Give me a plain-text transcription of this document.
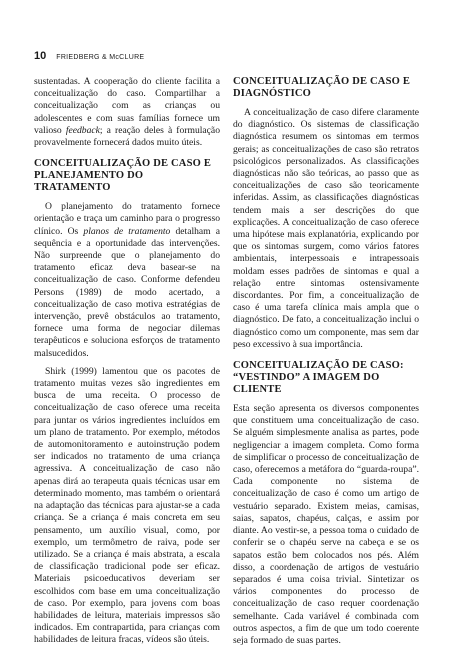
10 FRIEDBERG & McCLURE

sustentadas. A cooperação do cliente facilita a conceitualização do caso. Compartilhar a conceitualização com as crianças ou adolescentes e com suas famílias fornece um valioso feedback; a reação deles à formulação provavelmente fornecerá dados muito úteis.

CONCEITUALIZAÇÃO DE CASO E PLANEJAMENTO DO TRATAMENTO

O planejamento do tratamento fornece orientação e traça um caminho para o progresso clínico. Os planos de tratamento detalham a sequência e a oportunidade das intervenções. Não surpreende que o planejamento do tratamento eficaz deva basear-se na conceitualização de caso. Conforme defendeu Persons (1989) de modo acertado, a conceitualização de caso motiva estratégias de intervenção, prevê obstáculos ao tratamento, fornece uma forma de negociar dilemas terapêuticos e soluciona esforços de tratamento malsucedidos.

Shirk (1999) lamentou que os pacotes de tratamento muitas vezes são ingredientes em busca de uma receita. O processo de conceitualização de caso oferece uma receita para juntar os vários ingredientes incluídos em um plano de tratamento. Por exemplo, métodos de automonitoramento e autoinstrução podem ser indicados no tratamento de uma criança agressiva. A conceitualização de caso não apenas dirá ao terapeuta quais técnicas usar em determinado momento, mas também o orientará na adaptação das técnicas para ajustar-se a cada criança. Se a criança é mais concreta em seu pensamento, um auxílio visual, como, por exemplo, um termômetro de raiva, pode ser utilizado. Se a criança é mais abstrata, a escala de classificação tradicional pode ser eficaz. Materiais psicoeducativos deveriam ser escolhidos com base em uma conceitualização de caso. Por exemplo, para jovens com boas habilidades de leitura, materiais impressos são indicados. Em contrapartida, para crianças com habilidades de leitura fracas, vídeos são úteis.

CONCEITUALIZAÇÃO DE CASO E DIAGNÓSTICO

A conceitualização de caso difere claramente do diagnóstico. Os sistemas de classificação diagnóstica resumem os sintomas em termos gerais; as conceitualizações de caso são retratos psicológicos personalizados. As classificações diagnósticas não são teóricas, ao passo que as conceitualizações de caso são teoricamente inferidas. Assim, as classificações diagnósticas tendem mais a ser descrições do que explicações. A conceitualização de caso oferece uma hipótese mais explanatória, explicando por que os sintomas surgem, como vários fatores ambientais, interpessoais e intrapessoais moldam esses padrões de sintomas e qual a relação entre sintomas ostensivamente discordantes. Por fim, a conceitualização de caso é uma tarefa clínica mais ampla que o diagnóstico. De fato, a conceitualização inclui o diagnóstico como um componente, mas sem dar peso excessivo à sua importância.

CONCEITUALIZAÇÃO DE CASO: “VESTINDO” A IMAGEM DO CLIENTE

Esta seção apresenta os diversos componentes que constituem uma conceitualização de caso. Se alguém simplesmente analisa as partes, pode negligenciar a imagem completa. Como forma de simplificar o processo de conceitualização de caso, oferecemos a metáfora do “guarda-roupa”. Cada componente no sistema de conceitualização de caso é como um artigo de vestuário separado. Existem meias, camisas, saias, sapatos, chapéus, calças, e assim por diante. Ao vestir-se, a pessoa toma o cuidado de conferir se o chapéu serve na cabeça e se os sapatos estão bem colocados nos pés. Além disso, a coordenação de artigos de vestuário separados é uma coisa trivial. Sintetizar os vários componentes do processo de conceitualização de caso requer coordenação semelhante. Cada variável é combinada com outros aspectos, a fim de que um todo coerente seja formado de suas partes.
